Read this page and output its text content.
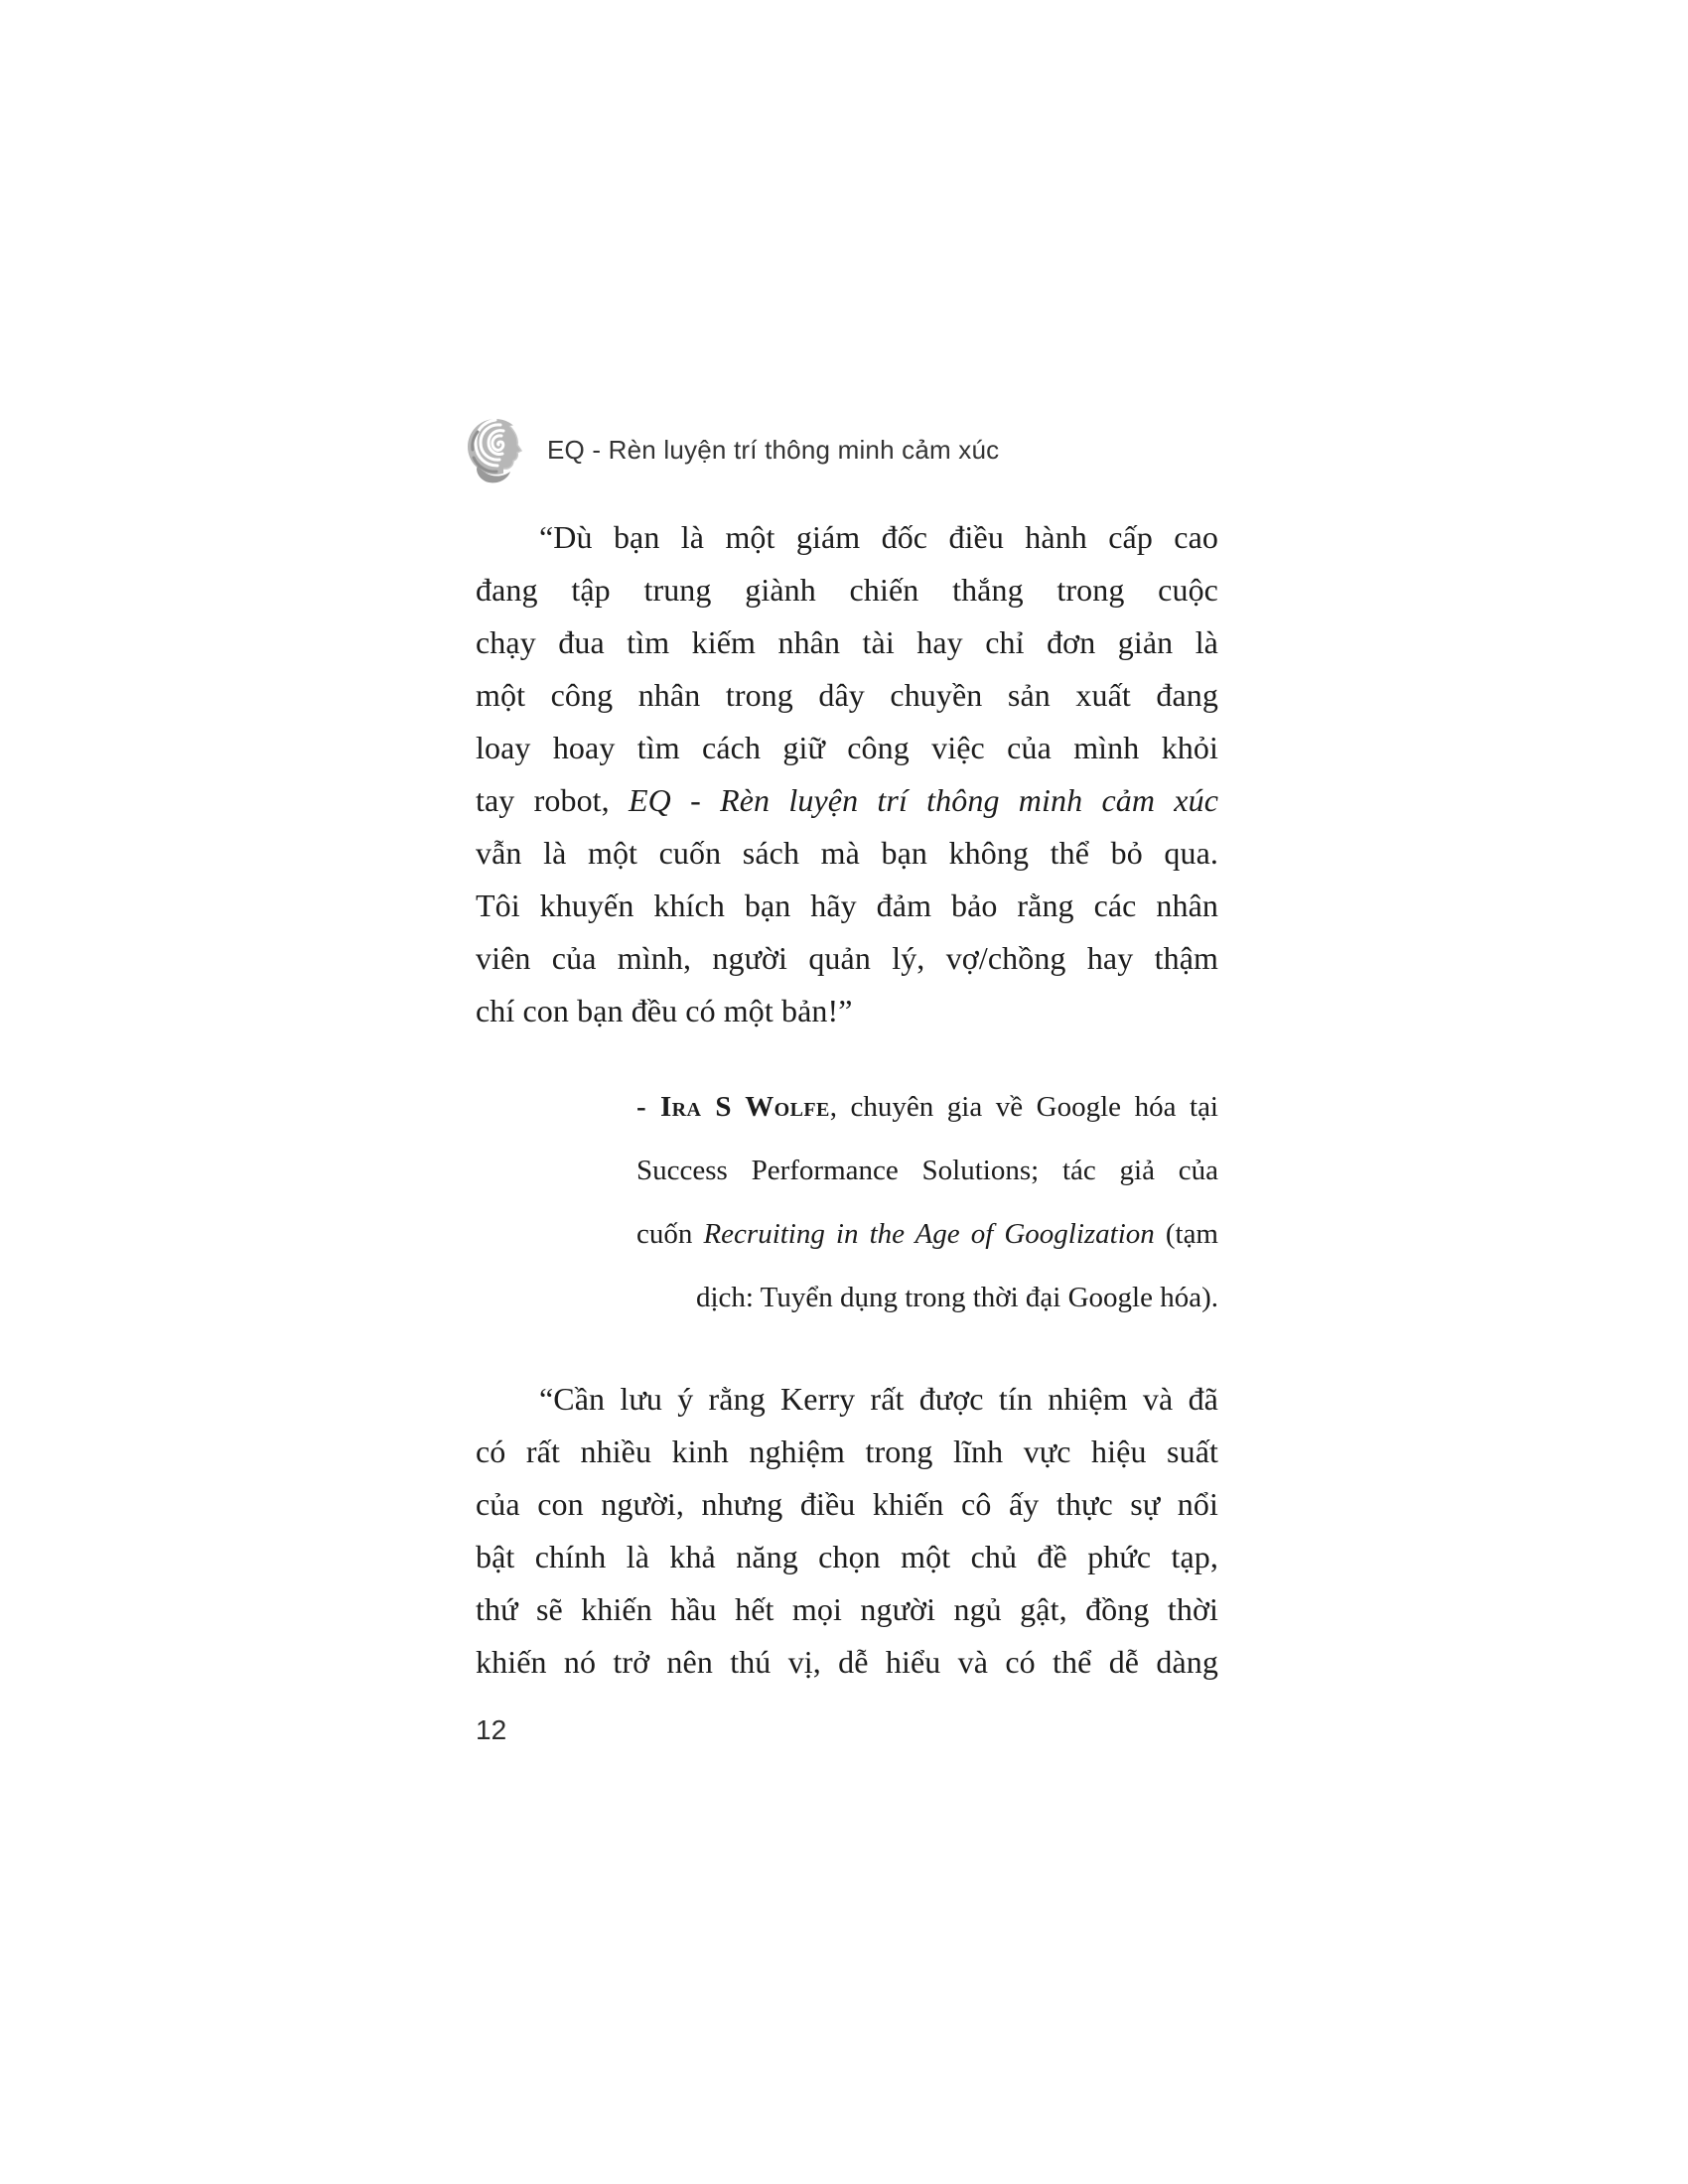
EQ - Rèn luyện trí thông minh cảm xúc
“Dù bạn là một giám đốc điều hành cấp cao
đang tập trung giành chiến thắng trong cuộc
chạy đua tìm kiếm nhân tài hay chỉ đơn giản là
một công nhân trong dây chuyền sản xuất đang
loay hoay tìm cách giữ công việc của mình khỏi
tay robot, EQ - Rèn luyện trí thông minh cảm xúc
vẫn là một cuốn sách mà bạn không thể bỏ qua.
Tôi khuyến khích bạn hãy đảm bảo rằng các nhân
viên của mình, người quản lý, vợ/chồng hay thậm
chí con bạn đều có một bản!”
- Ira S Wolfe, chuyên gia về Google hóa tại
Success Performance Solutions; tác giả của
cuốn Recruiting in the Age of Googlization (tạm
dịch: Tuyển dụng trong thời đại Google hóa).
“Cần lưu ý rằng Kerry rất được tín nhiệm và đã
có rất nhiều kinh nghiệm trong lĩnh vực hiệu suất
của con người, nhưng điều khiến cô ấy thực sự nổi
bật chính là khả năng chọn một chủ đề phức tạp,
thứ sẽ khiến hầu hết mọi người ngủ gật, đồng thời
khiến nó trở nên thú vị, dễ hiểu và có thể dễ dàng
12
